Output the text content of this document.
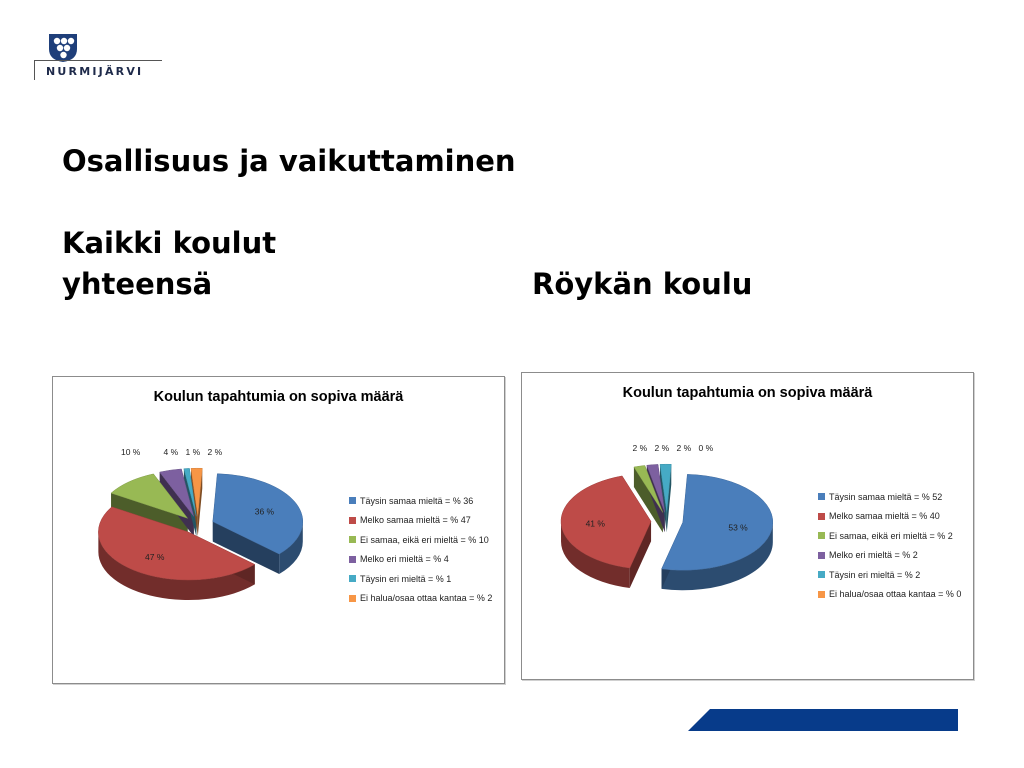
NURMIJÄRVI
Osallisuus ja vaikuttaminen
Kaikki koulut
yhteensä	Röykän koulu
Koulun tapahtumia on sopiva määrä
36 %
47 %
10 %	4 % 1 % 2 %
Täysin samaa mieltä = % 36
Melko samaa mieltä = % 47
Ei samaa, eikä eri mieltä = % 10
Melko eri mieltä = % 4
Täysin eri mieltä = % 1
Ei halua/osaa ottaa kantaa = % 2
Koulun tapahtumia on sopiva määrä
53 %
41 %
2 % 2 % 2 % 0 %
Täysin samaa mieltä = % 52
Melko samaa mieltä = % 40
Ei samaa, eikä eri mieltä = % 2
Melko eri mieltä = % 2
Täysin eri mieltä = % 2
Ei halua/osaa ottaa kantaa = % 0
